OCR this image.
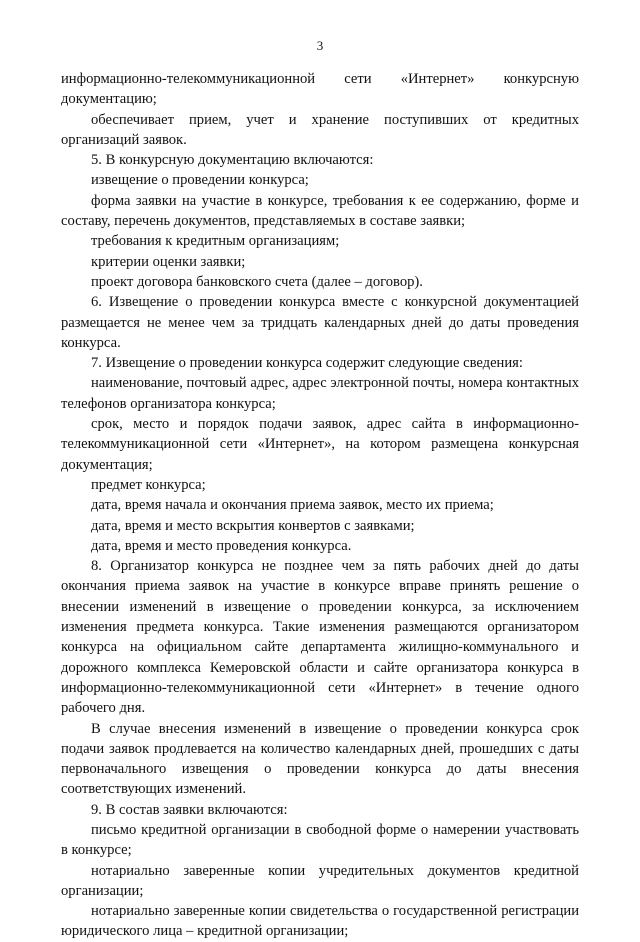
3

информационно-телекоммуникационной сети «Интернет» конкурсную документацию;

обеспечивает прием, учет и хранение поступивших от кредитных организаций заявок.

5. В конкурсную документацию включаются:

извещение о проведении конкурса;

форма заявки на участие в конкурсе, требования к ее содержанию, форме и составу, перечень документов, представляемых в составе заявки;

требования к кредитным организациям;

критерии оценки заявки;

проект договора банковского счета (далее – договор).

6. Извещение о проведении конкурса вместе с конкурсной документацией размещается не менее чем за тридцать календарных дней до даты проведения конкурса.

7. Извещение о проведении конкурса содержит следующие сведения:

наименование, почтовый адрес, адрес электронной почты, номера контактных телефонов организатора конкурса;

срок, место и порядок подачи заявок, адрес сайта в информационно-телекоммуникационной сети «Интернет», на котором размещена конкурсная документация;

предмет конкурса;

дата, время начала и окончания приема заявок, место их приема;

дата, время и место вскрытия конвертов с заявками;

дата, время и место проведения конкурса.

8. Организатор конкурса не позднее чем за пять рабочих дней до даты окончания приема заявок на участие в конкурсе вправе принять решение о внесении изменений в извещение о проведении конкурса, за исключением изменения предмета конкурса. Такие изменения размещаются организатором конкурса на официальном сайте департамента жилищно-коммунального и дорожного комплекса Кемеровской области и сайте организатора конкурса в информационно-телекоммуникационной сети «Интернет» в течение одного рабочего дня.

В случае внесения изменений в извещение о проведении конкурса срок подачи заявок продлевается на количество календарных дней, прошедших с даты первоначального извещения о проведении конкурса до даты внесения соответствующих изменений.

9. В состав заявки включаются:

письмо кредитной организации в свободной форме о намерении участвовать в конкурсе;

нотариально заверенные копии учредительных документов кредитной организации;

нотариально заверенные копии свидетельства о государственной регистрации юридического лица – кредитной организации;
